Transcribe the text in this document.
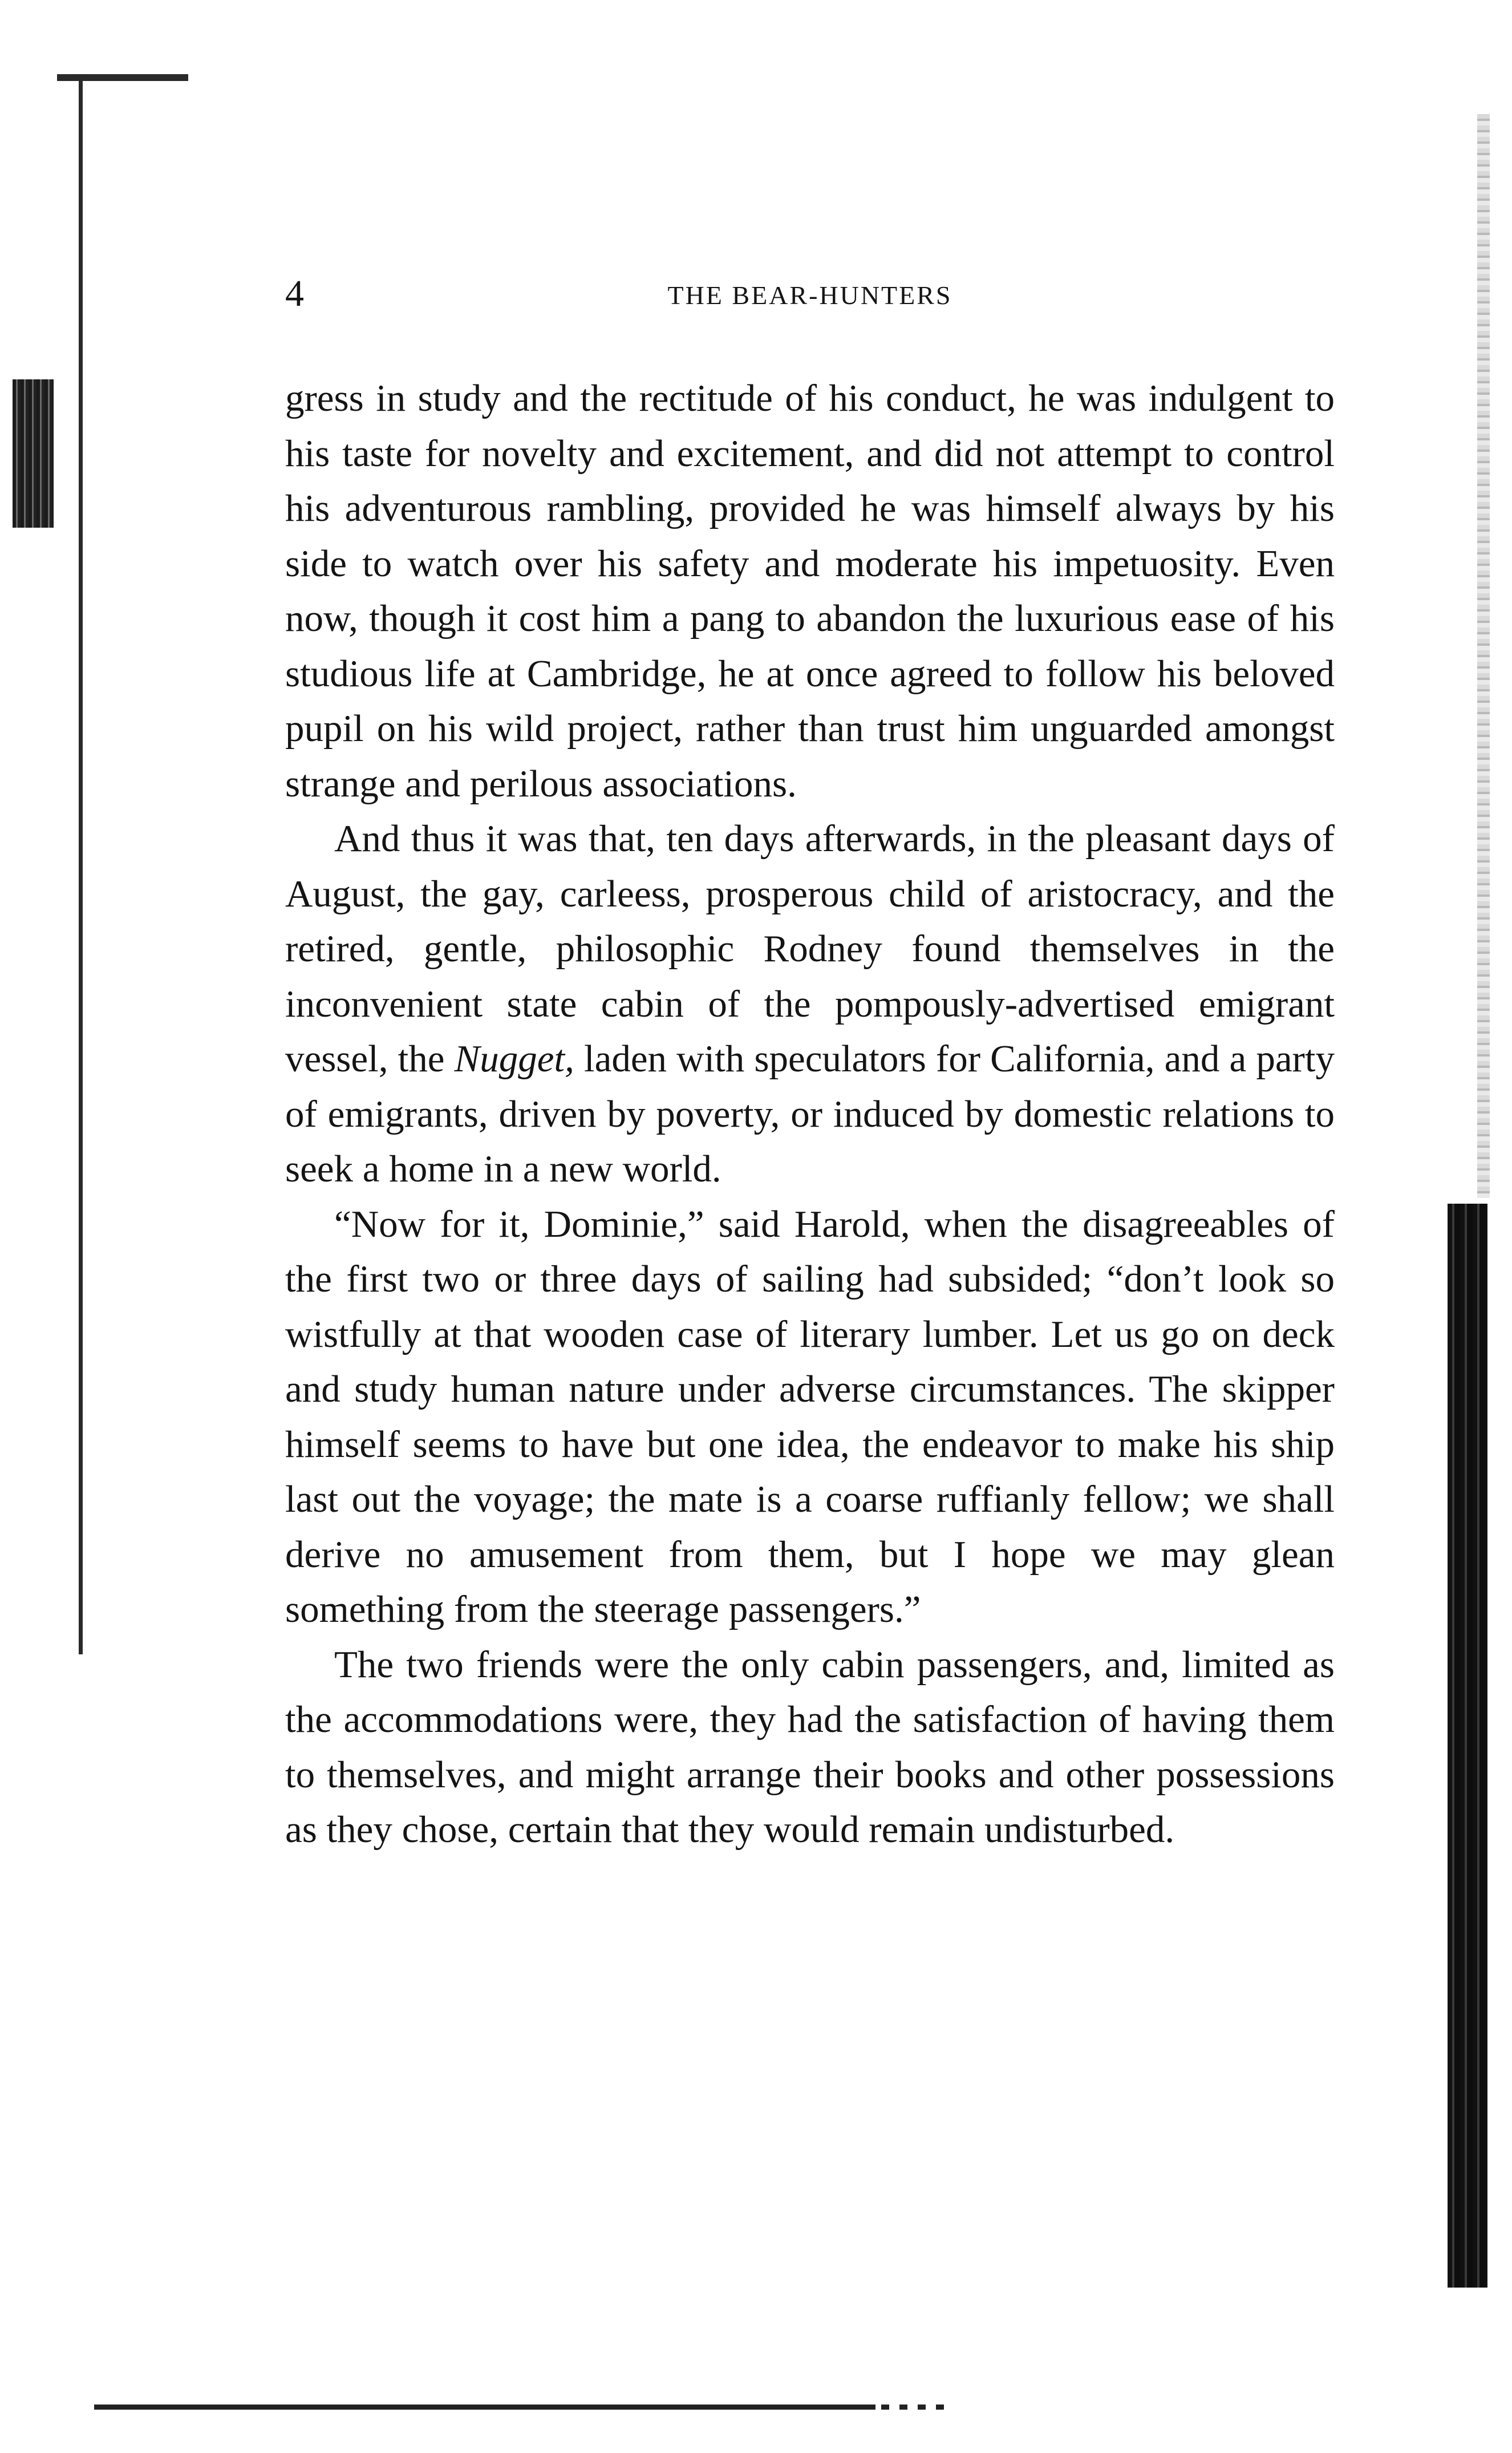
4	THE BEAR-HUNTERS

gress in study and the rectitude of his conduct, he was indulgent to his taste for novelty and excitement, and did not attempt to control his adventurous rambling, provided he was himself always by his side to watch over his safety and moderate his impetuosity. Even now, though it cost him a pang to abandon the luxurious ease of his studious life at Cambridge, he at once agreed to follow his beloved pupil on his wild project, rather than trust him unguarded amongst strange and perilous associations.

And thus it was that, ten days afterwards, in the pleasant days of August, the gay, carleess, prosperous child of aristocracy, and the retired, gentle, philosophic Rodney found themselves in the inconvenient state cabin of the pompously-advertised emigrant vessel, the Nugget, laden with speculators for California, and a party of emigrants, driven by poverty, or induced by domestic relations to seek a home in a new world.

“Now for it, Dominie,” said Harold, when the disagreeables of the first two or three days of sailing had subsided; “don’t look so wistfully at that wooden case of literary lumber. Let us go on deck and study human nature under adverse circumstances. The skipper himself seems to have but one idea, the endeavor to make his ship last out the voyage; the mate is a coarse ruffianly fellow; we shall derive no amusement from them, but I hope we may glean something from the steerage passengers.”

The two friends were the only cabin passengers, and, limited as the accommodations were, they had the satisfaction of having them to themselves, and might arrange their books and other possessions as they chose, certain that they would remain undisturbed.
